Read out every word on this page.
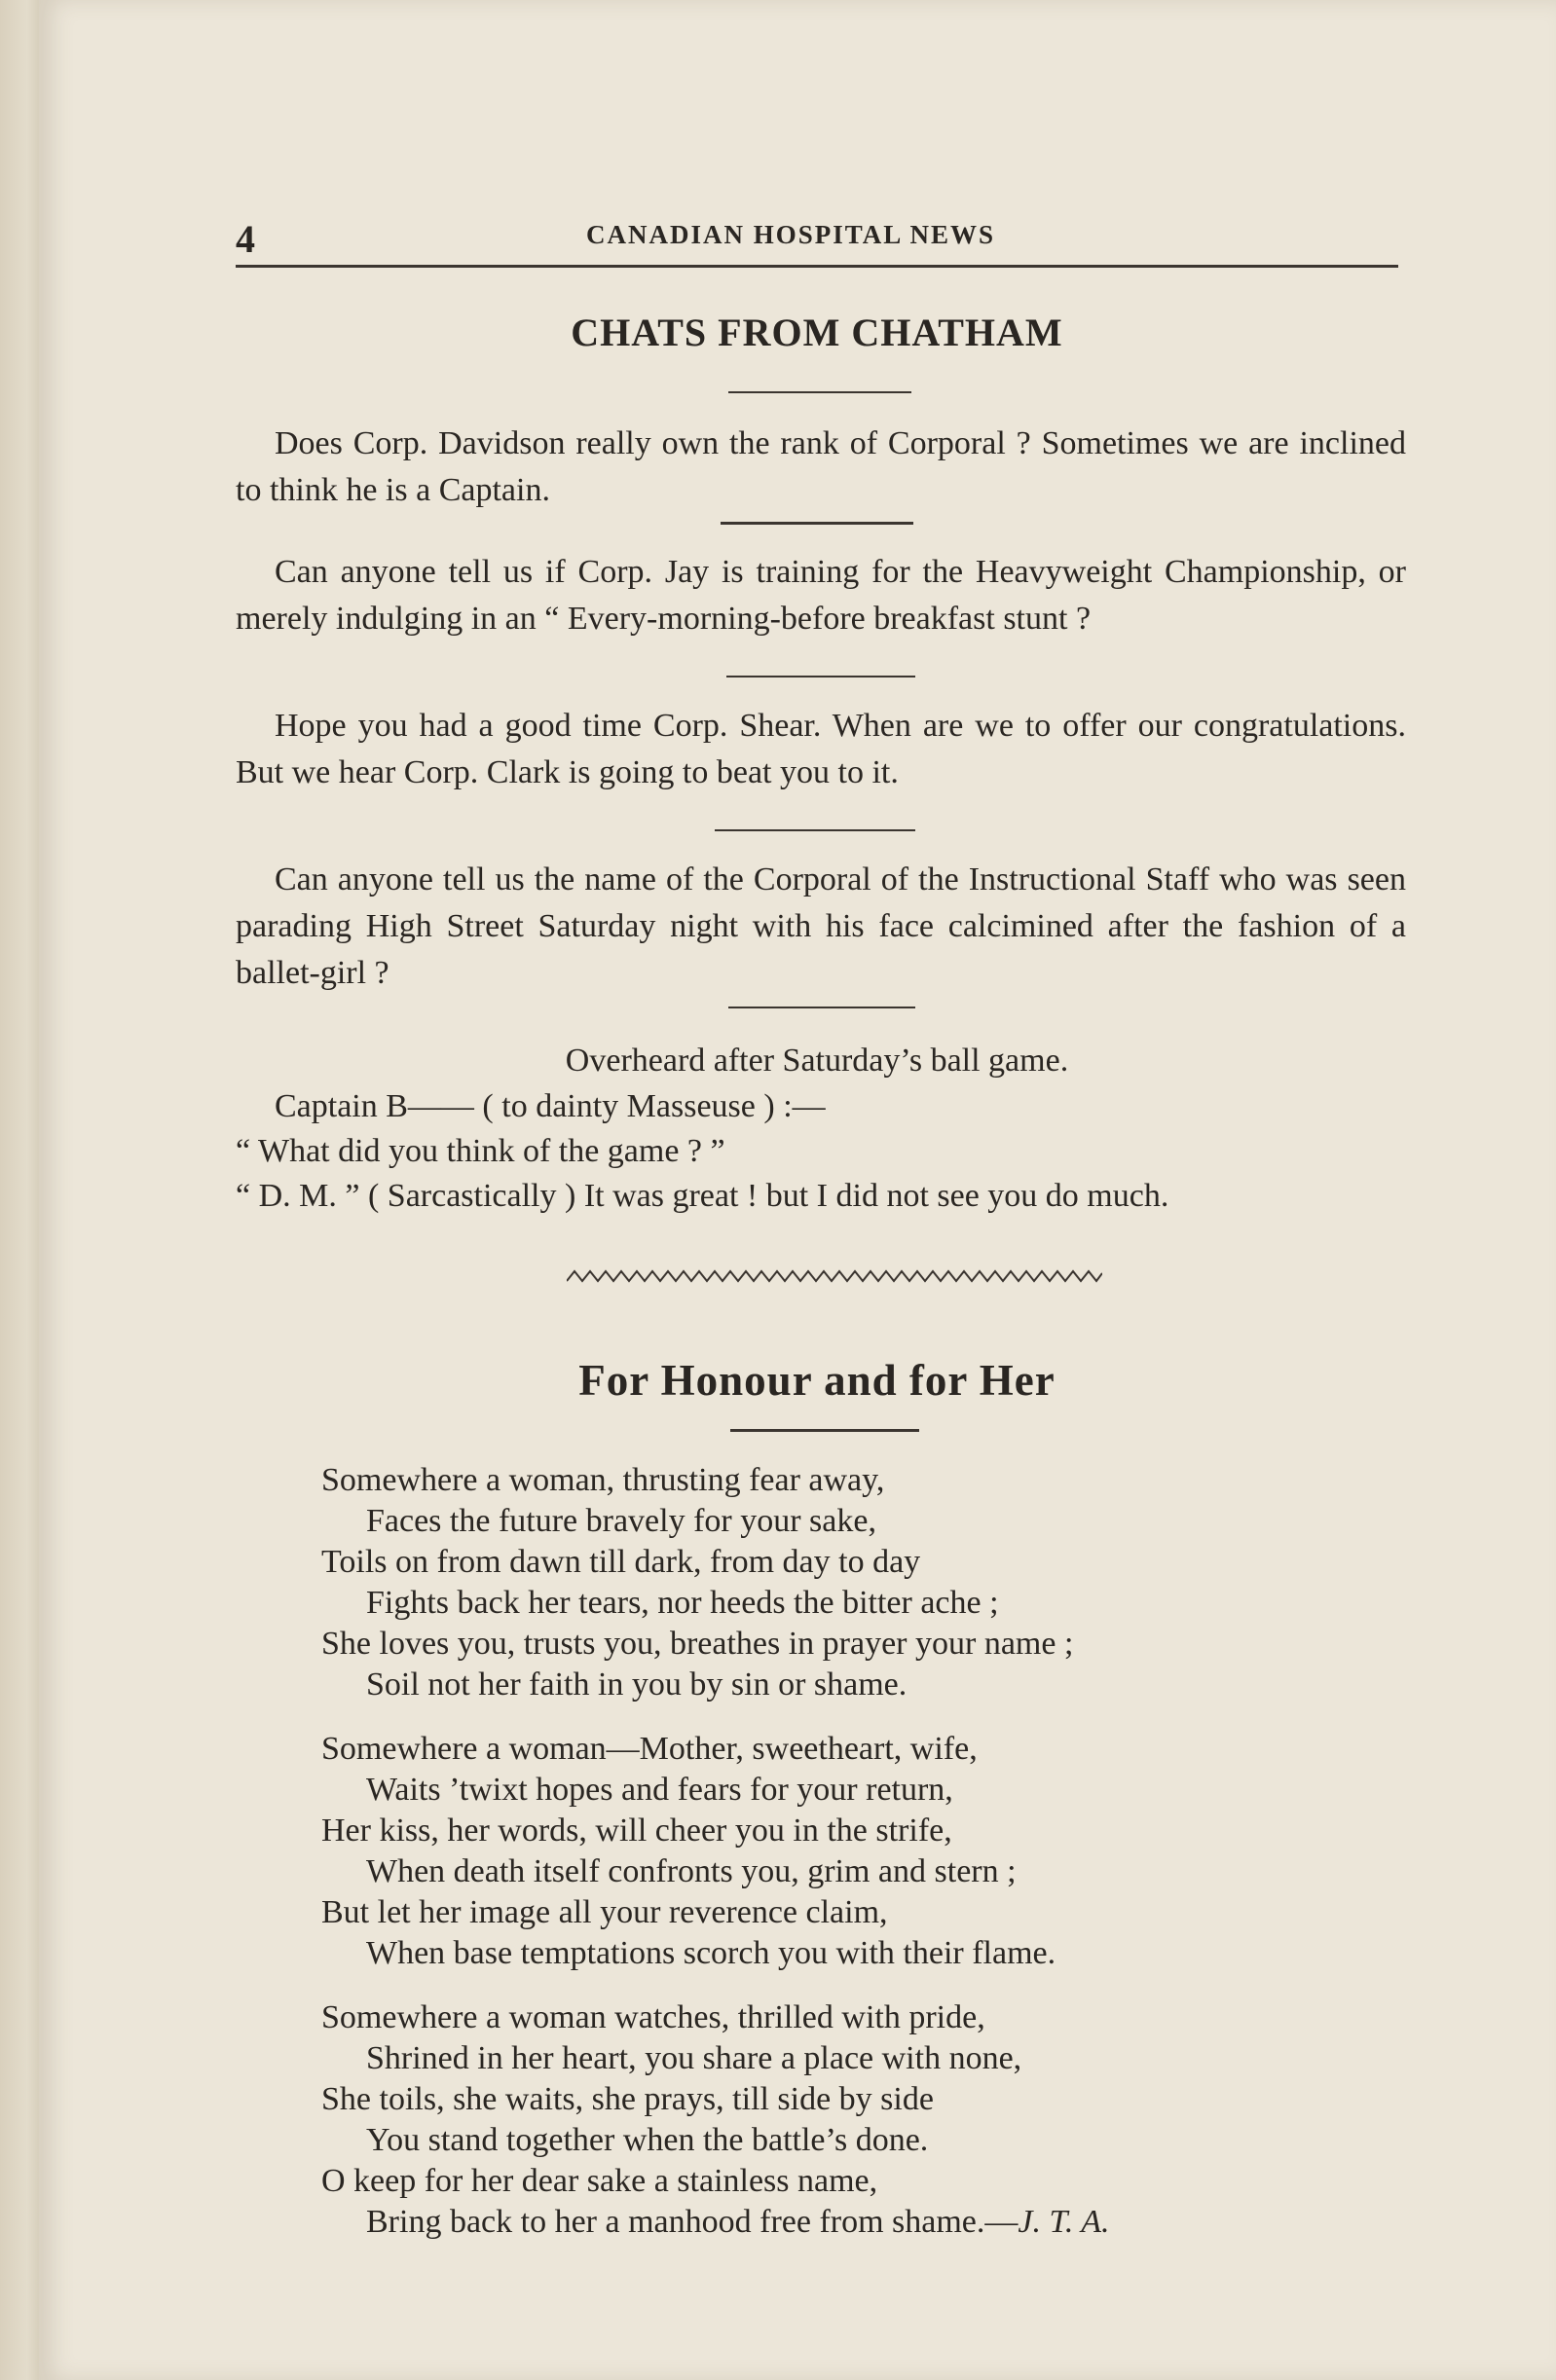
4	CANADIAN HOSPITAL NEWS
CHATS FROM CHATHAM

Does Corp. Davidson really own the rank of Corporal ? Sometimes we are inclined to think he is a Captain.

Can anyone tell us if Corp. Jay is training for the Heavyweight Championship, or merely indulging in an “ Every-morning-before breakfast stunt ?

Hope you had a good time Corp. Shear. When are we to offer our congratulations. But we hear Corp. Clark is going to beat you to it.

Can anyone tell us the name of the Corporal of the Instructional Staff who was seen parading High Street Saturday night with his face calcimined after the fashion of a ballet-girl ?

Overheard after Saturday’s ball game.

Captain B—— ( to dainty Masseuse ) :—
“ What did you think of the game ? ”
“ D. M. ” ( Sarcastically ) It was great ! but I did not see you do much.
For Honour and for Her
Somewhere a woman, thrusting fear away,
Faces the future bravely for your sake,
Toils on from dawn till dark, from day to day
Fights back her tears, nor heeds the bitter ache ;
She loves you, trusts you, breathes in prayer your name ;
Soil not her faith in you by sin or shame.
Somewhere a woman—Mother, sweetheart, wife,
Waits ’twixt hopes and fears for your return,
Her kiss, her words, will cheer you in the strife,
When death itself confronts you, grim and stern ;
But let her image all your reverence claim,
When base temptations scorch you with their flame.
Somewhere a woman watches, thrilled with pride,
Shrined in her heart, you share a place with none,
She toils, she waits, she prays, till side by side
You stand together when the battle’s done.
O keep for her dear sake a stainless name,
Bring back to her a manhood free from shame.—J. T. A.
